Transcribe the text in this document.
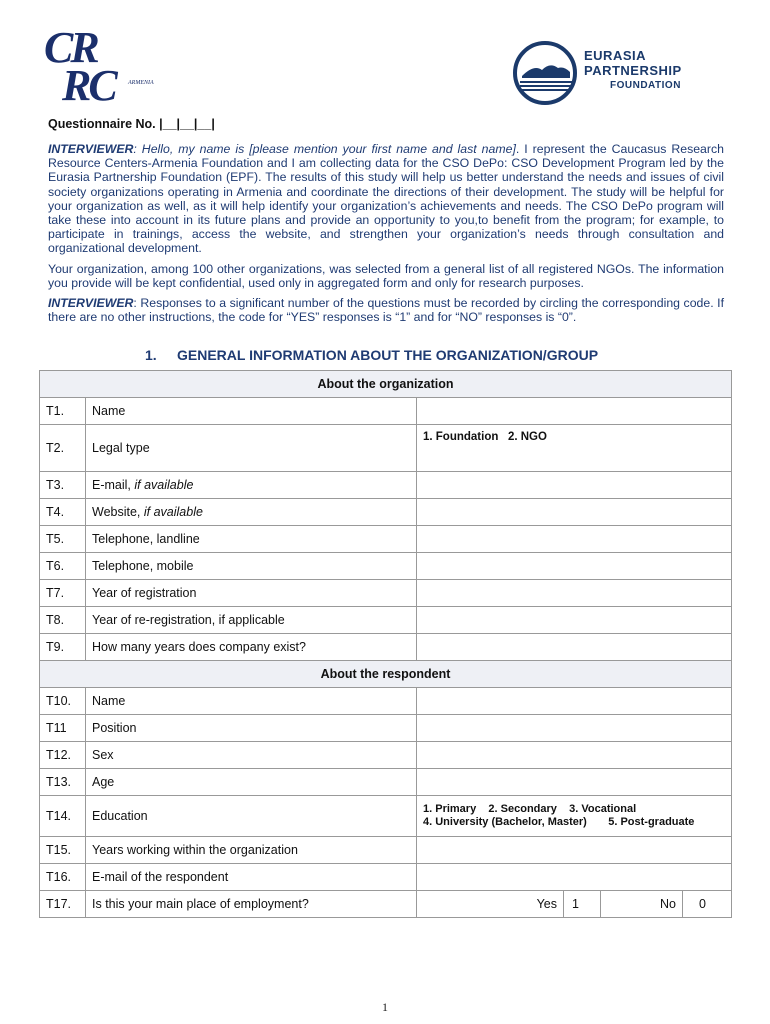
CR
RC	ARMENIA
EURASIA
PARTNERSHIP
FOUNDATION
Questionnaire No. |__|__|__|

INTERVIEWER: Hello, my name is [please mention your first name and last name]. I represent the Caucasus Research Resource Centers-Armenia Foundation and I am collecting data for the CSO DePo: CSO Development Program led by the Eurasia Partnership Foundation (EPF). The results of this study will help us better understand the needs and issues of civil society organizations operating in Armenia and coordinate the directions of their development. The study will be helpful for your organization as well, as it will help identify your organization’s achievements and needs. The CSO DePo program will take these into account in its future plans and provide an opportunity to you,to benefit from the program; for example, to participate in trainings, access the website, and strengthen your organization’s needs through consultation and organizational development.

Your organization, among 100 other organizations, was selected from a general list of all registered NGOs. The information you provide will be kept confidential, used only in aggregated form and only for research purposes.

INTERVIEWER: Responses to a significant number of the questions must be recorded by circling the corresponding code. If there are no other instructions, the code for “YES” responses is “1” and for “NO” responses is “0”.

1. GENERAL INFORMATION ABOUT THE ORGANIZATION/GROUP
About the organization		
T1.	Name	
T2.	Legal type	1. Foundation   2. NGO
T3.	E-mail, if available	
T4.	Website, if available	
T5.	Telephone, landline	
T6.	Telephone, mobile	
T7.	Year of registration	
T8.	Year of re-registration, if applicable	
T9.	How many years does company exist?	
About the respondent		
T10.	Name	
T11	Position	
T12.	Sex	
T13.	Age	
T14.	Education	1. Primary    2. Secondary    3. Vocational
4. University (Bachelor, Master)       5. Post-graduate

T15.	Years working within the organization	
T16.	E-mail of the respondent	
T17.	Is this your main place of employment?	Yes 1 No 0
1
